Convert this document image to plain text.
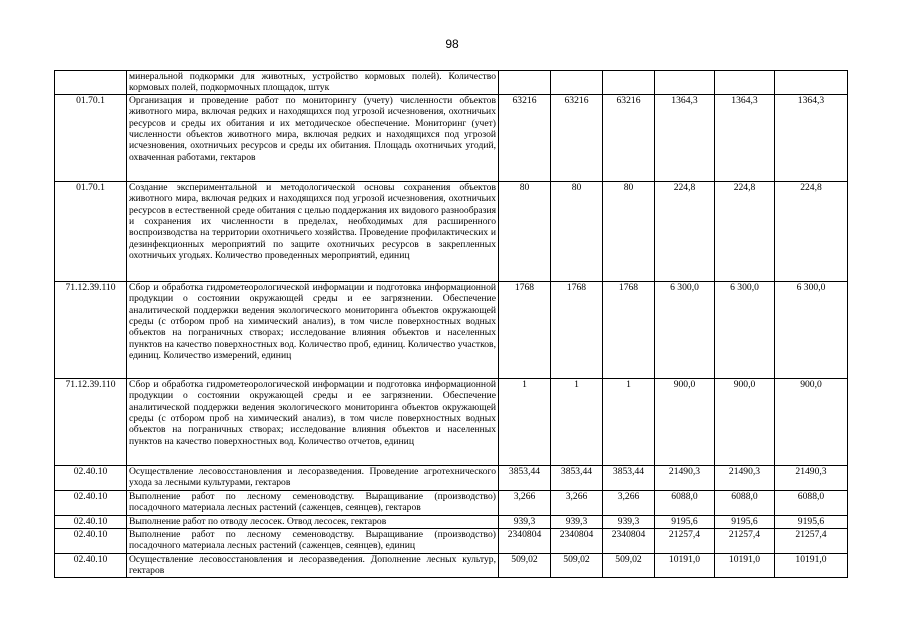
98
	минеральной подкормки для животных, устройство кормовых полей). Количество кормовых полей, подкормочных площадок, штук						
01.70.1	Организация и проведение работ по мониторингу (учету) численности объектов животного мира, включая редких и находящихся под угрозой исчезновения, охотничьих ресурсов и среды их обитания и их методическое обеспечение. Мониторинг (учет) численности объектов животного мира, включая редких и находящихся под угрозой исчезновения, охотничьих ресурсов и среды их обитания. Площадь охотничьих угодий, охваченная работами, гектаров	63216	63216	63216	1364,3	1364,3	1364,3
01.70.1	Создание экспериментальной и методологической основы сохранения объектов животного мира, включая редких и находящихся под угрозой исчезновения, охотничьих ресурсов в естественной среде обитания с целью поддержания их видового разнообразия и сохранения их численности в пределах, необходимых для расширенного воспроизводства на территории охотничьего хозяйства. Проведение профилактических и дезинфекционных мероприятий по защите охотничьих ресурсов в закрепленных охотничьих угодьях. Количество проведенных мероприятий, единиц	80	80	80	224,8	224,8	224,8
71.12.39.110	Сбор и обработка гидрометеорологической информации и подготовка информационной продукции о состоянии окружающей среды и ее загрязнении. Обеспечение аналитической поддержки ведения экологического мониторинга объектов окружающей среды (с отбором проб на химический анализ), в том числе поверхностных водных объектов на пограничных створах; исследование влияния объектов и населенных пунктов на качество поверхностных вод. Количество проб, единиц. Количество участков, единиц. Количество измерений, единиц	1768	1768	1768	6 300,0	6 300,0	6 300,0
71.12.39.110	Сбор и обработка гидрометеорологической информации и подготовка информационной продукции о состоянии окружающей среды и ее загрязнении. Обеспечение аналитической поддержки ведения экологического мониторинга объектов окружающей среды (с отбором проб на химический анализ), в том числе поверхностных водных объектов на пограничных створах; исследование влияния объектов и населенных пунктов на качество поверхностных вод. Количество отчетов, единиц	1	1	1	900,0	900,0	900,0
02.40.10	Осуществление лесовосстановления и лесоразведения. Проведение агротехнического ухода за лесными культурами, гектаров	3853,44	3853,44	3853,44	21490,3	21490,3	21490,3
02.40.10	Выполнение работ по лесному семеноводству. Выращивание (производство) посадочного материала лесных растений (саженцев, сеянцев), гектаров	3,266	3,266	3,266	6088,0	6088,0	6088,0
02.40.10	Выполнение работ по отводу лесосек. Отвод лесосек, гектаров	939,3	939,3	939,3	9195,6	9195,6	9195,6
02.40.10	Выполнение работ по лесному семеноводству. Выращивание (производство) посадочного материала лесных растений (саженцев, сеянцев), единиц	2340804	2340804	2340804	21257,4	21257,4	21257,4
02.40.10	Осуществление лесовосстановления и лесоразведения. Дополнение лесных культур, гектаров	509,02	509,02	509,02	10191,0	10191,0	10191,0
